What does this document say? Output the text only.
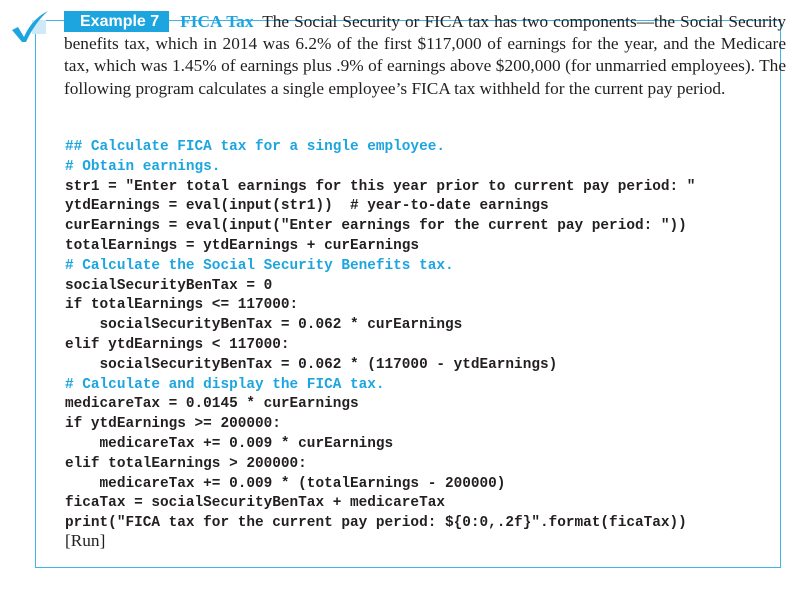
Example 7 FICA Tax The Social Security or FICA tax has two components—the Social Security benefits tax, which in 2014 was 6.2% of the first $117,000 of earnings for the year, and the Medicare tax, which was 1.45% of earnings plus .9% of earnings above $200,000 (for unmarried employees). The following program calculates a single employee’s FICA tax withheld for the current pay period.

## Calculate FICA tax for a single employee.
# Obtain earnings.
str1 = "Enter total earnings for this year prior to current pay period: "
ytdEarnings = eval(input(str1))  # year-to-date earnings
curEarnings = eval(input("Enter earnings for the current pay period: "))
totalEarnings = ytdEarnings + curEarnings
# Calculate the Social Security Benefits tax.
socialSecurityBenTax = 0
if totalEarnings <= 117000:
socialSecurityBenTax = 0.062 * curEarnings
elif ytdEarnings < 117000:
socialSecurityBenTax = 0.062 * (117000 - ytdEarnings)
# Calculate and display the FICA tax.
medicareTax = 0.0145 * curEarnings
if ytdEarnings >= 200000:
medicareTax += 0.009 * curEarnings
elif totalEarnings > 200000:
medicareTax += 0.009 * (totalEarnings - 200000)
ficaTax = socialSecurityBenTax + medicareTax
print("FICA tax for the current pay period: ${0:0,.2f}".format(ficaTax))
[Run]
